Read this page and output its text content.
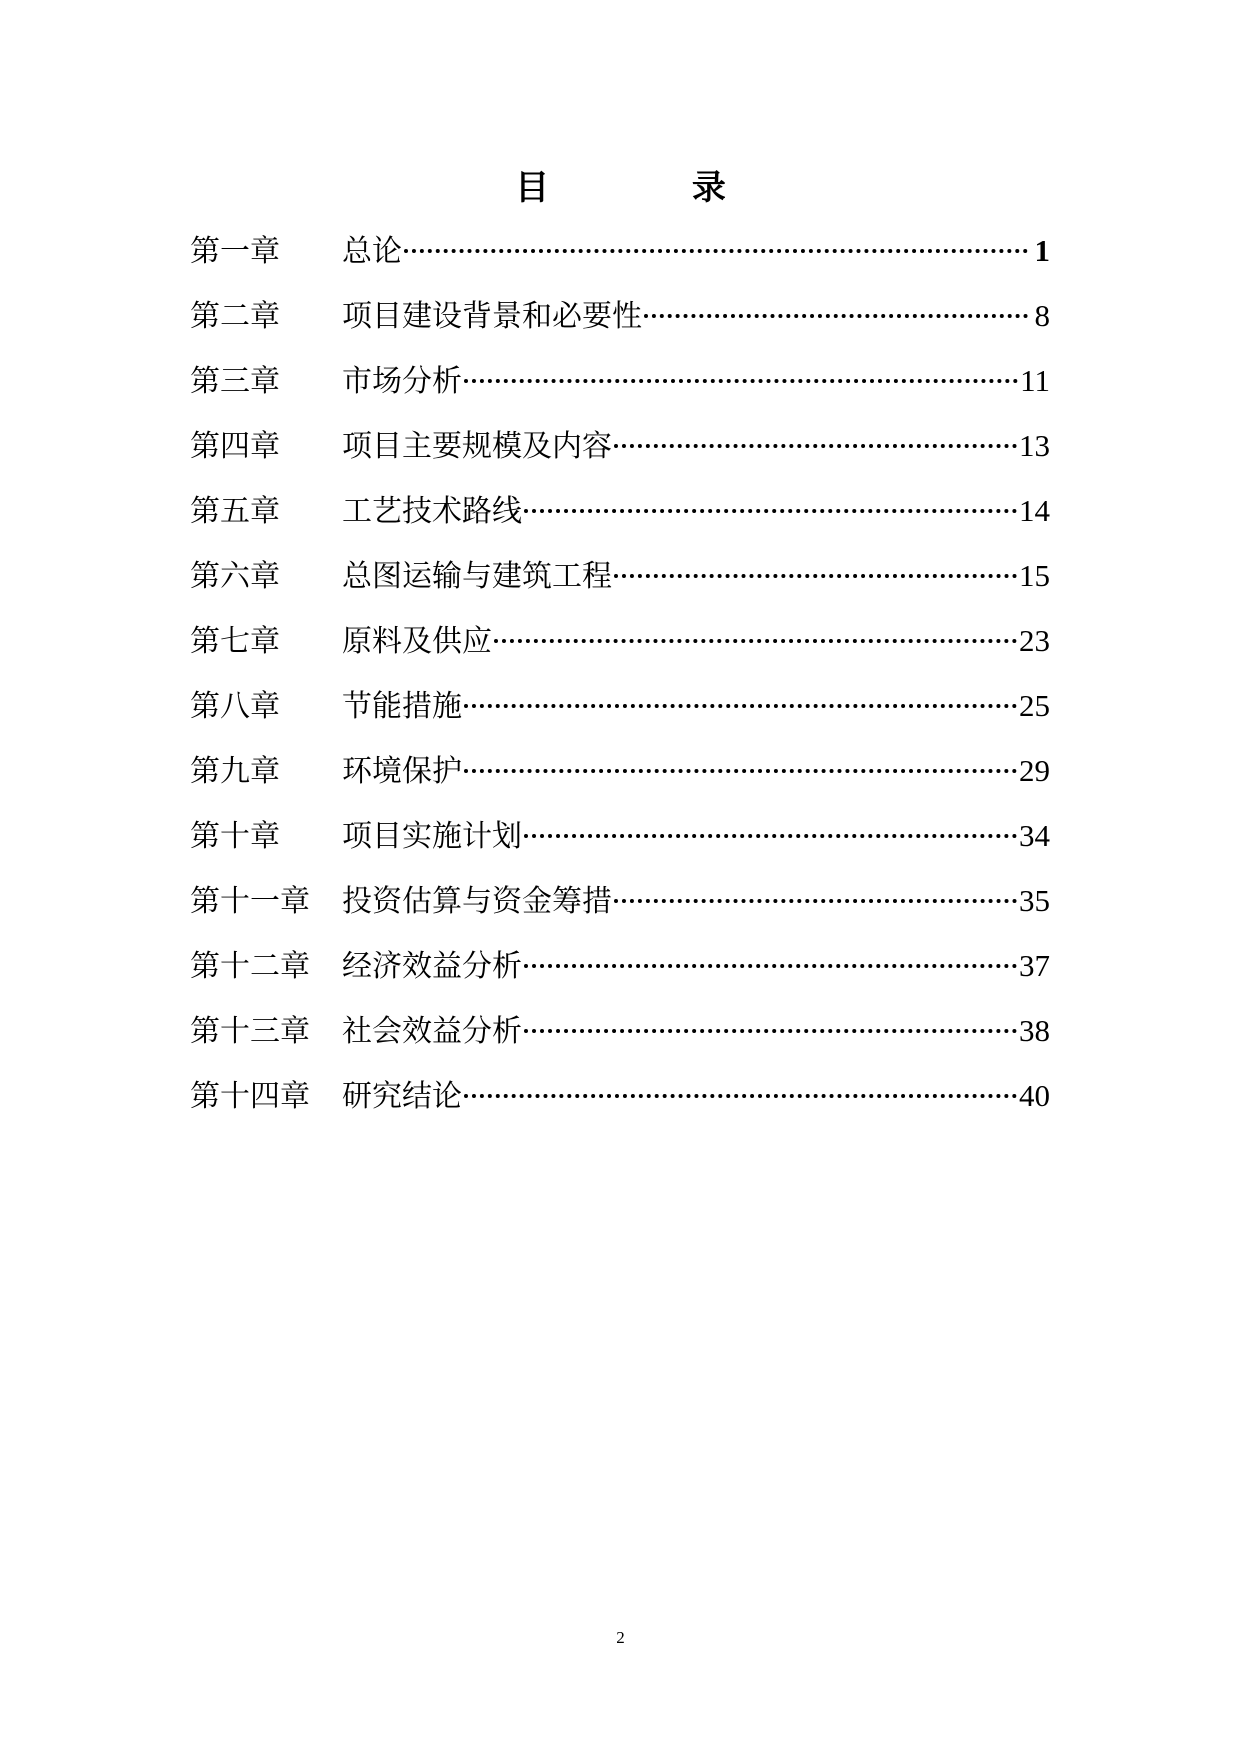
目　录
第一章	总论	1
第二章	项目建设背景和必要性	8
第三章	市场分析	11
第四章	项目主要规模及内容	13
第五章	工艺技术路线	14
第六章	总图运输与建筑工程	15
第七章	原料及供应	23
第八章	节能措施	25
第九章	环境保护	29
第十章	项目实施计划	34
第十一章	投资估算与资金筹措	35
第十二章	经济效益分析	37
第十三章	社会效益分析	38
第十四章	研究结论	40
2
